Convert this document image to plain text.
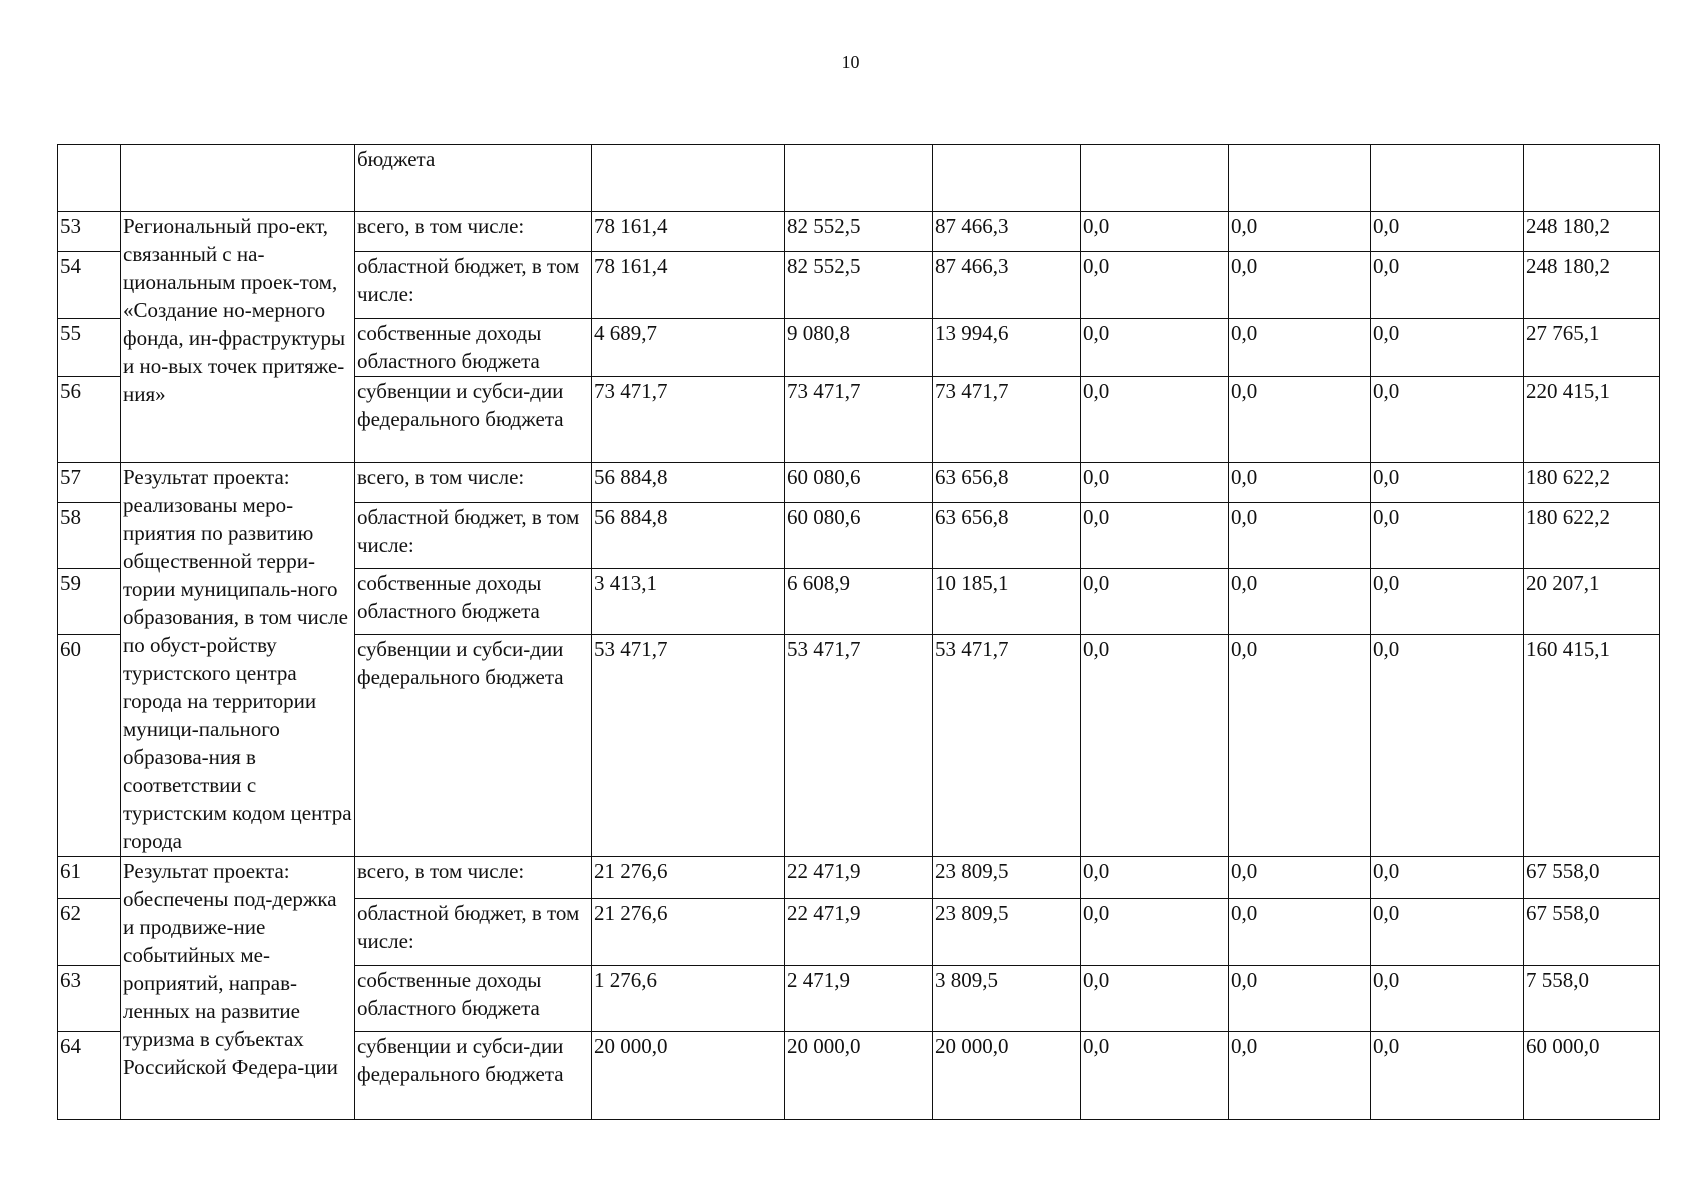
10
		бюджета							
53	Региональный про-ект, связанный с на-циональным проек-том, «Создание но-мерного фонда, ин-фраструктуры и но-вых точек притяже-ния»	всего, в том числе:	78 161,4	82 552,5	87 466,3	0,0	0,0	0,0	248 180,2
54		областной бюджет, в том числе:	78 161,4	82 552,5	87 466,3	0,0	0,0	0,0	248 180,2
55		собственные доходы областного бюджета	4 689,7	9 080,8	13 994,6	0,0	0,0	0,0	27 765,1
56		субвенции и субси-дии федерального бюджета	73 471,7	73 471,7	73 471,7	0,0	0,0	0,0	220 415,1
57	Результат проекта: реализованы меро-приятия по развитию общественной терри-тории муниципаль-ного образования, в том числе по обуст-ройству туристского центра города на территории муници-пального образова-ния в соответствии с туристским кодом центра города	всего, в том числе:	56 884,8	60 080,6	63 656,8	0,0	0,0	0,0	180 622,2
58		областной бюджет, в том числе:	56 884,8	60 080,6	63 656,8	0,0	0,0	0,0	180 622,2
59		собственные доходы областного бюджета	3 413,1	6 608,9	10 185,1	0,0	0,0	0,0	20 207,1
60		субвенции и субси-дии федерального бюджета	53 471,7	53 471,7	53 471,7	0,0	0,0	0,0	160 415,1
61	Результат проекта: обеспечены под-держка и продвиже-ние событийных ме-роприятий, направ-ленных на развитие туризма в субъектах Российской Федера-ции	всего, в том числе:	21 276,6	22 471,9	23 809,5	0,0	0,0	0,0	67 558,0
62		областной бюджет, в том числе:	21 276,6	22 471,9	23 809,5	0,0	0,0	0,0	67 558,0
63		собственные доходы областного бюджета	1 276,6	2 471,9	3 809,5	0,0	0,0	0,0	7 558,0
64		субвенции и субси-дии федерального бюджета	20 000,0	20 000,0	20 000,0	0,0	0,0	0,0	60 000,0
